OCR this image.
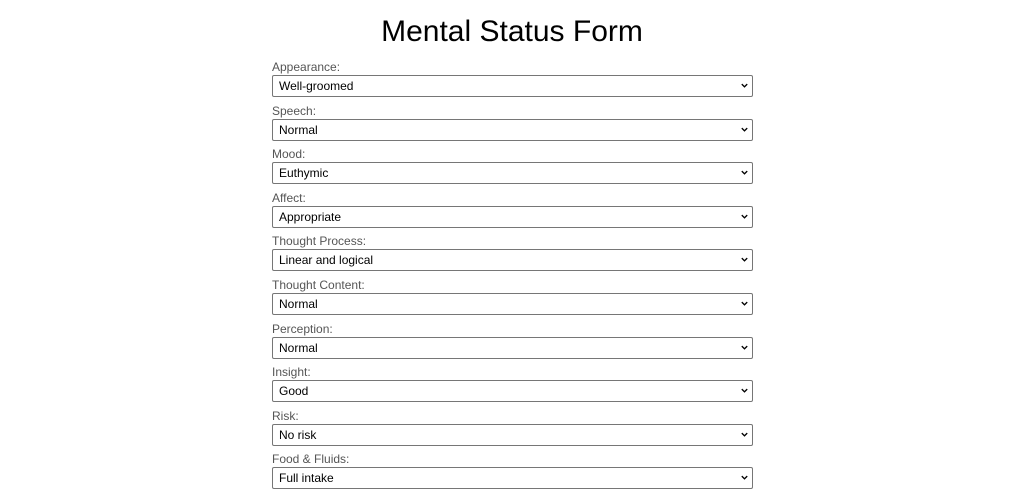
Mental Status Form
Appearance:
Well-groomed
Speech:
Normal
Mood:
Euthymic
Affect:
Appropriate
Thought Process:
Linear and logical
Thought Content:
Normal
Perception:
Normal
Insight:
Good
Risk:
No risk
Food & Fluids:
Full intake
